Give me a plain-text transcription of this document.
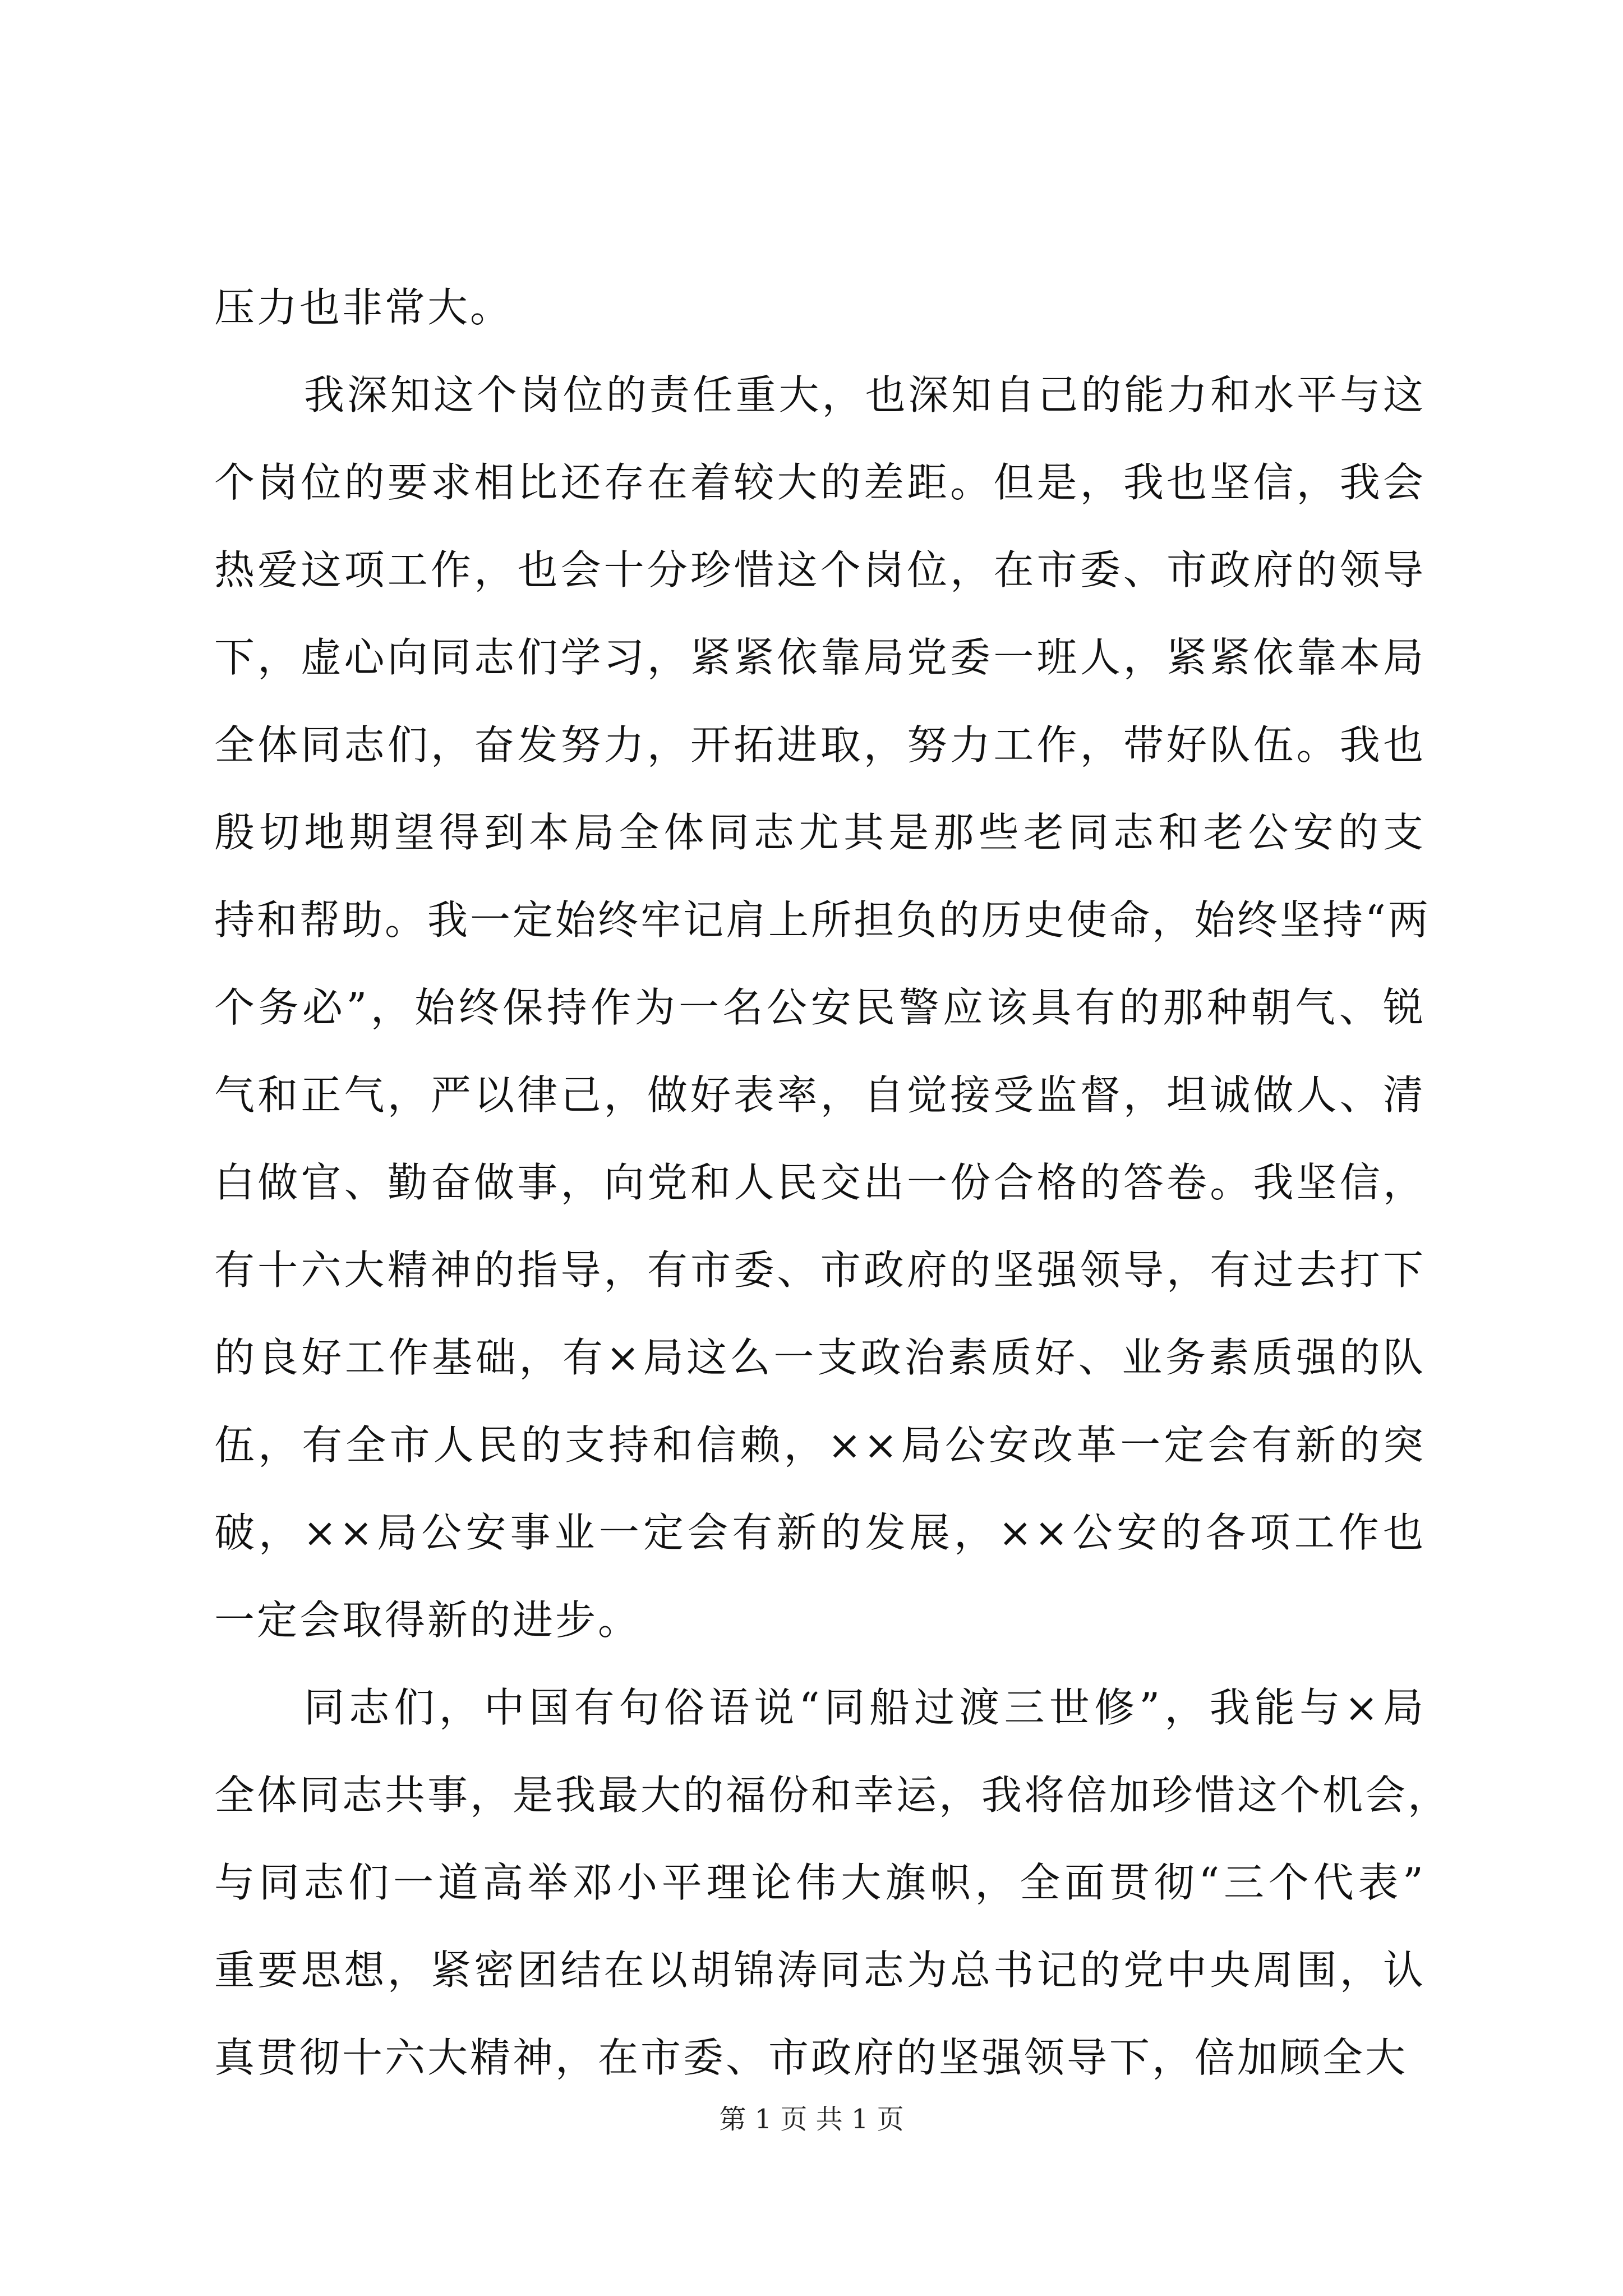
压力也非常大。
我深知这个岗位的责任重大，也深知自己的能力和水平与这
个岗位的要求相比还存在着较大的差距。但是，我也坚信，我会
热爱这项工作，也会十分珍惜这个岗位，在市委、市政府的领导
下，虚心向同志们学习，紧紧依靠局党委一班人，紧紧依靠本局
全体同志们，奋发努力，开拓进取，努力工作，带好队伍。我也
殷切地期望得到本局全体同志尤其是那些老同志和老公安的支
持和帮助。我一定始终牢记肩上所担负的历史使命，始终坚持“两
个务必”，始终保持作为一名公安民警应该具有的那种朝气、锐
气和正气，严以律己，做好表率，自觉接受监督，坦诚做人、清
白做官、勤奋做事，向党和人民交出一份合格的答卷。我坚信，
有十六大精神的指导，有市委、市政府的坚强领导，有过去打下
的良好工作基础，有×局这么一支政治素质好、业务素质强的队
伍，有全市人民的支持和信赖，××局公安改革一定会有新的突
破，××局公安事业一定会有新的发展，××公安的各项工作也
一定会取得新的进步。
同志们，中国有句俗语说“同船过渡三世修”，我能与×局
全体同志共事，是我最大的福份和幸运，我将倍加珍惜这个机会，
与同志们一道高举邓小平理论伟大旗帜，全面贯彻“三个代表”
重要思想，紧密团结在以胡锦涛同志为总书记的党中央周围，认
真贯彻十六大精神，在市委、市政府的坚强领导下，倍加顾全大
第 1 页 共 1 页
